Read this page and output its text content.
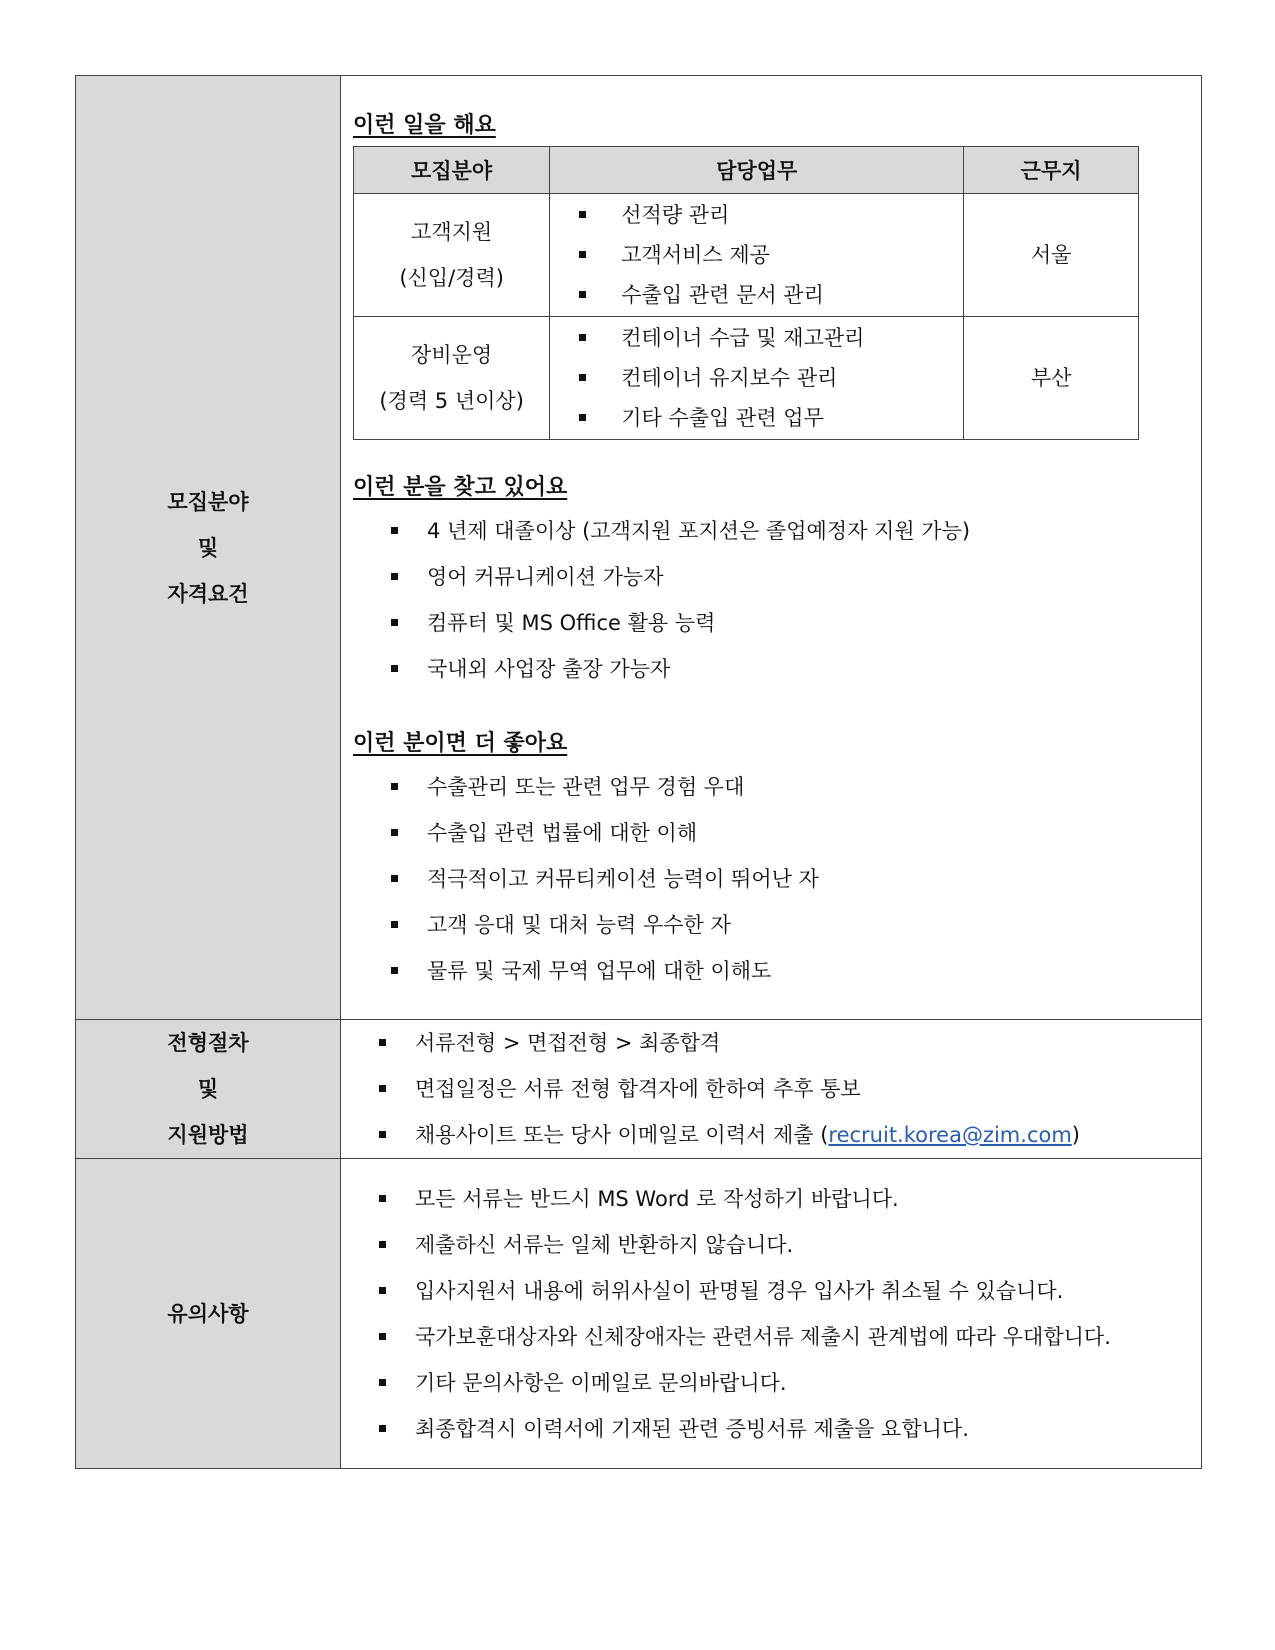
모집분야
및
자격요건

이런 일을 해요

모집분야	담당업무	근무지

고객지원
(신입/경력)

선적량 관리
고객서비스 제공
수출입 관련 문서 관리
	서울

장비운영
(경력 5 년이상)

컨테이너 수급 및 재고관리
컨테이너 유지보수 관리
기타 수출입 관련 업무
	부산

이런 분을 찾고 있어요

4 년제 대졸이상 (고객지원 포지션은 졸업예정자 지원 가능)
영어 커뮤니케이션 가능자
컴퓨터 및 MS Office 활용 능력
국내외 사업장 출장 가능자

이런 분이면 더 좋아요

수출관리 또는 관련 업무 경험 우대
수출입 관련 법률에 대한 이해
적극적이고 커뮤티케이션 능력이 뛰어난 자
고객 응대 및 대처 능력 우수한 자
물류 및 국제 무역 업무에 대한 이해도

전형절차
및
지원방법

서류전형 > 면접전형 > 최종합격
면접일정은 서류 전형 합격자에 한하여 추후 통보
채용사이트 또는 당사 이메일로 이력서 제출 (recruit.korea@zim.com)

유의사항	
모든 서류는 반드시 MS Word 로 작성하기 바랍니다.
제출하신 서류는 일체 반환하지 않습니다.
입사지원서 내용에 허위사실이 판명될 경우 입사가 취소될 수 있습니다.
국가보훈대상자와 신체장애자는 관련서류 제출시 관계법에 따라 우대합니다.
기타 문의사항은 이메일로 문의바랍니다.
최종합격시 이력서에 기재된 관련 증빙서류 제출을 요합니다.
